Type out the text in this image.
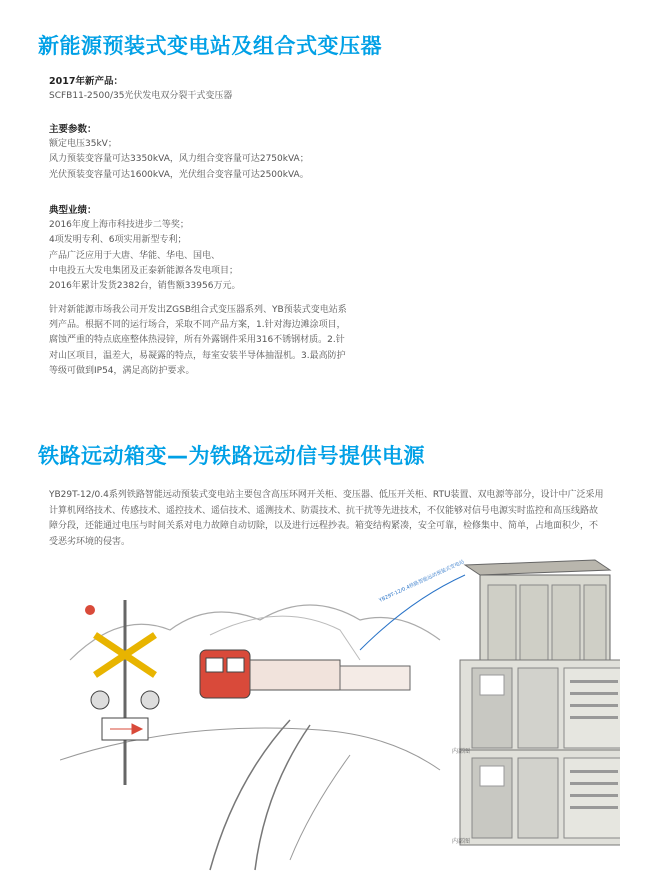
新能源预装式变电站及组合式变压器
2017年新产品：
SCFB11-2500/35光伏发电双分裂干式变压器
主要参数：
额定电压35kV；
风力预装变容量可达3350kVA，风力组合变容量可达2750kVA；
光伏预装变容量可达1600kVA，光伏组合变容量可达2500kVA。
典型业绩：
2016年度上海市科技进步二等奖；
4项发明专利、6项实用新型专利；
产品广泛应用于大唐、华能、华电、国电、
中电投五大发电集团及正泰新能源各发电项目；
2016年累计发货2382台，销售额33956万元。
针对新能源市场我公司开发出ZGSB组合式变压器系列、YB预装式变电站系列产品。根据不同的运行场合，采取不同产品方案，1.针对海边滩涂项目，腐蚀严重的特点底座整体热浸锌，所有外露钢件采用316不锈钢材质。2.针对山区项目，温差大，易凝露的特点，每室安装半导体抽湿机。3.最高防护等级可做到IP54，满足高防护要求。
铁路远动箱变—为铁路远动信号提供电源
YB29T-12/0.4系列铁路智能远动预装式变电站主要包含高压环网开关柜、变压器、低压开关柜、RTU装置、双电源等部分，设计中广泛采用计算机网络技术、传感技术、遥控技术、遥信技术、遥测技术、防震技术、抗干扰等先进技术，不仅能够对信号电源实时监控和高压线路故障分段，还能通过电压与时间关系对电力故障自动切除，以及进行远程抄表。箱变结构紧凑，安全可靠，检修集中、简单，占地面积少，不受恶劣环境的侵害。
YB29T-12/0.4铁路智能远动预装式变电站
内部图
内部图
